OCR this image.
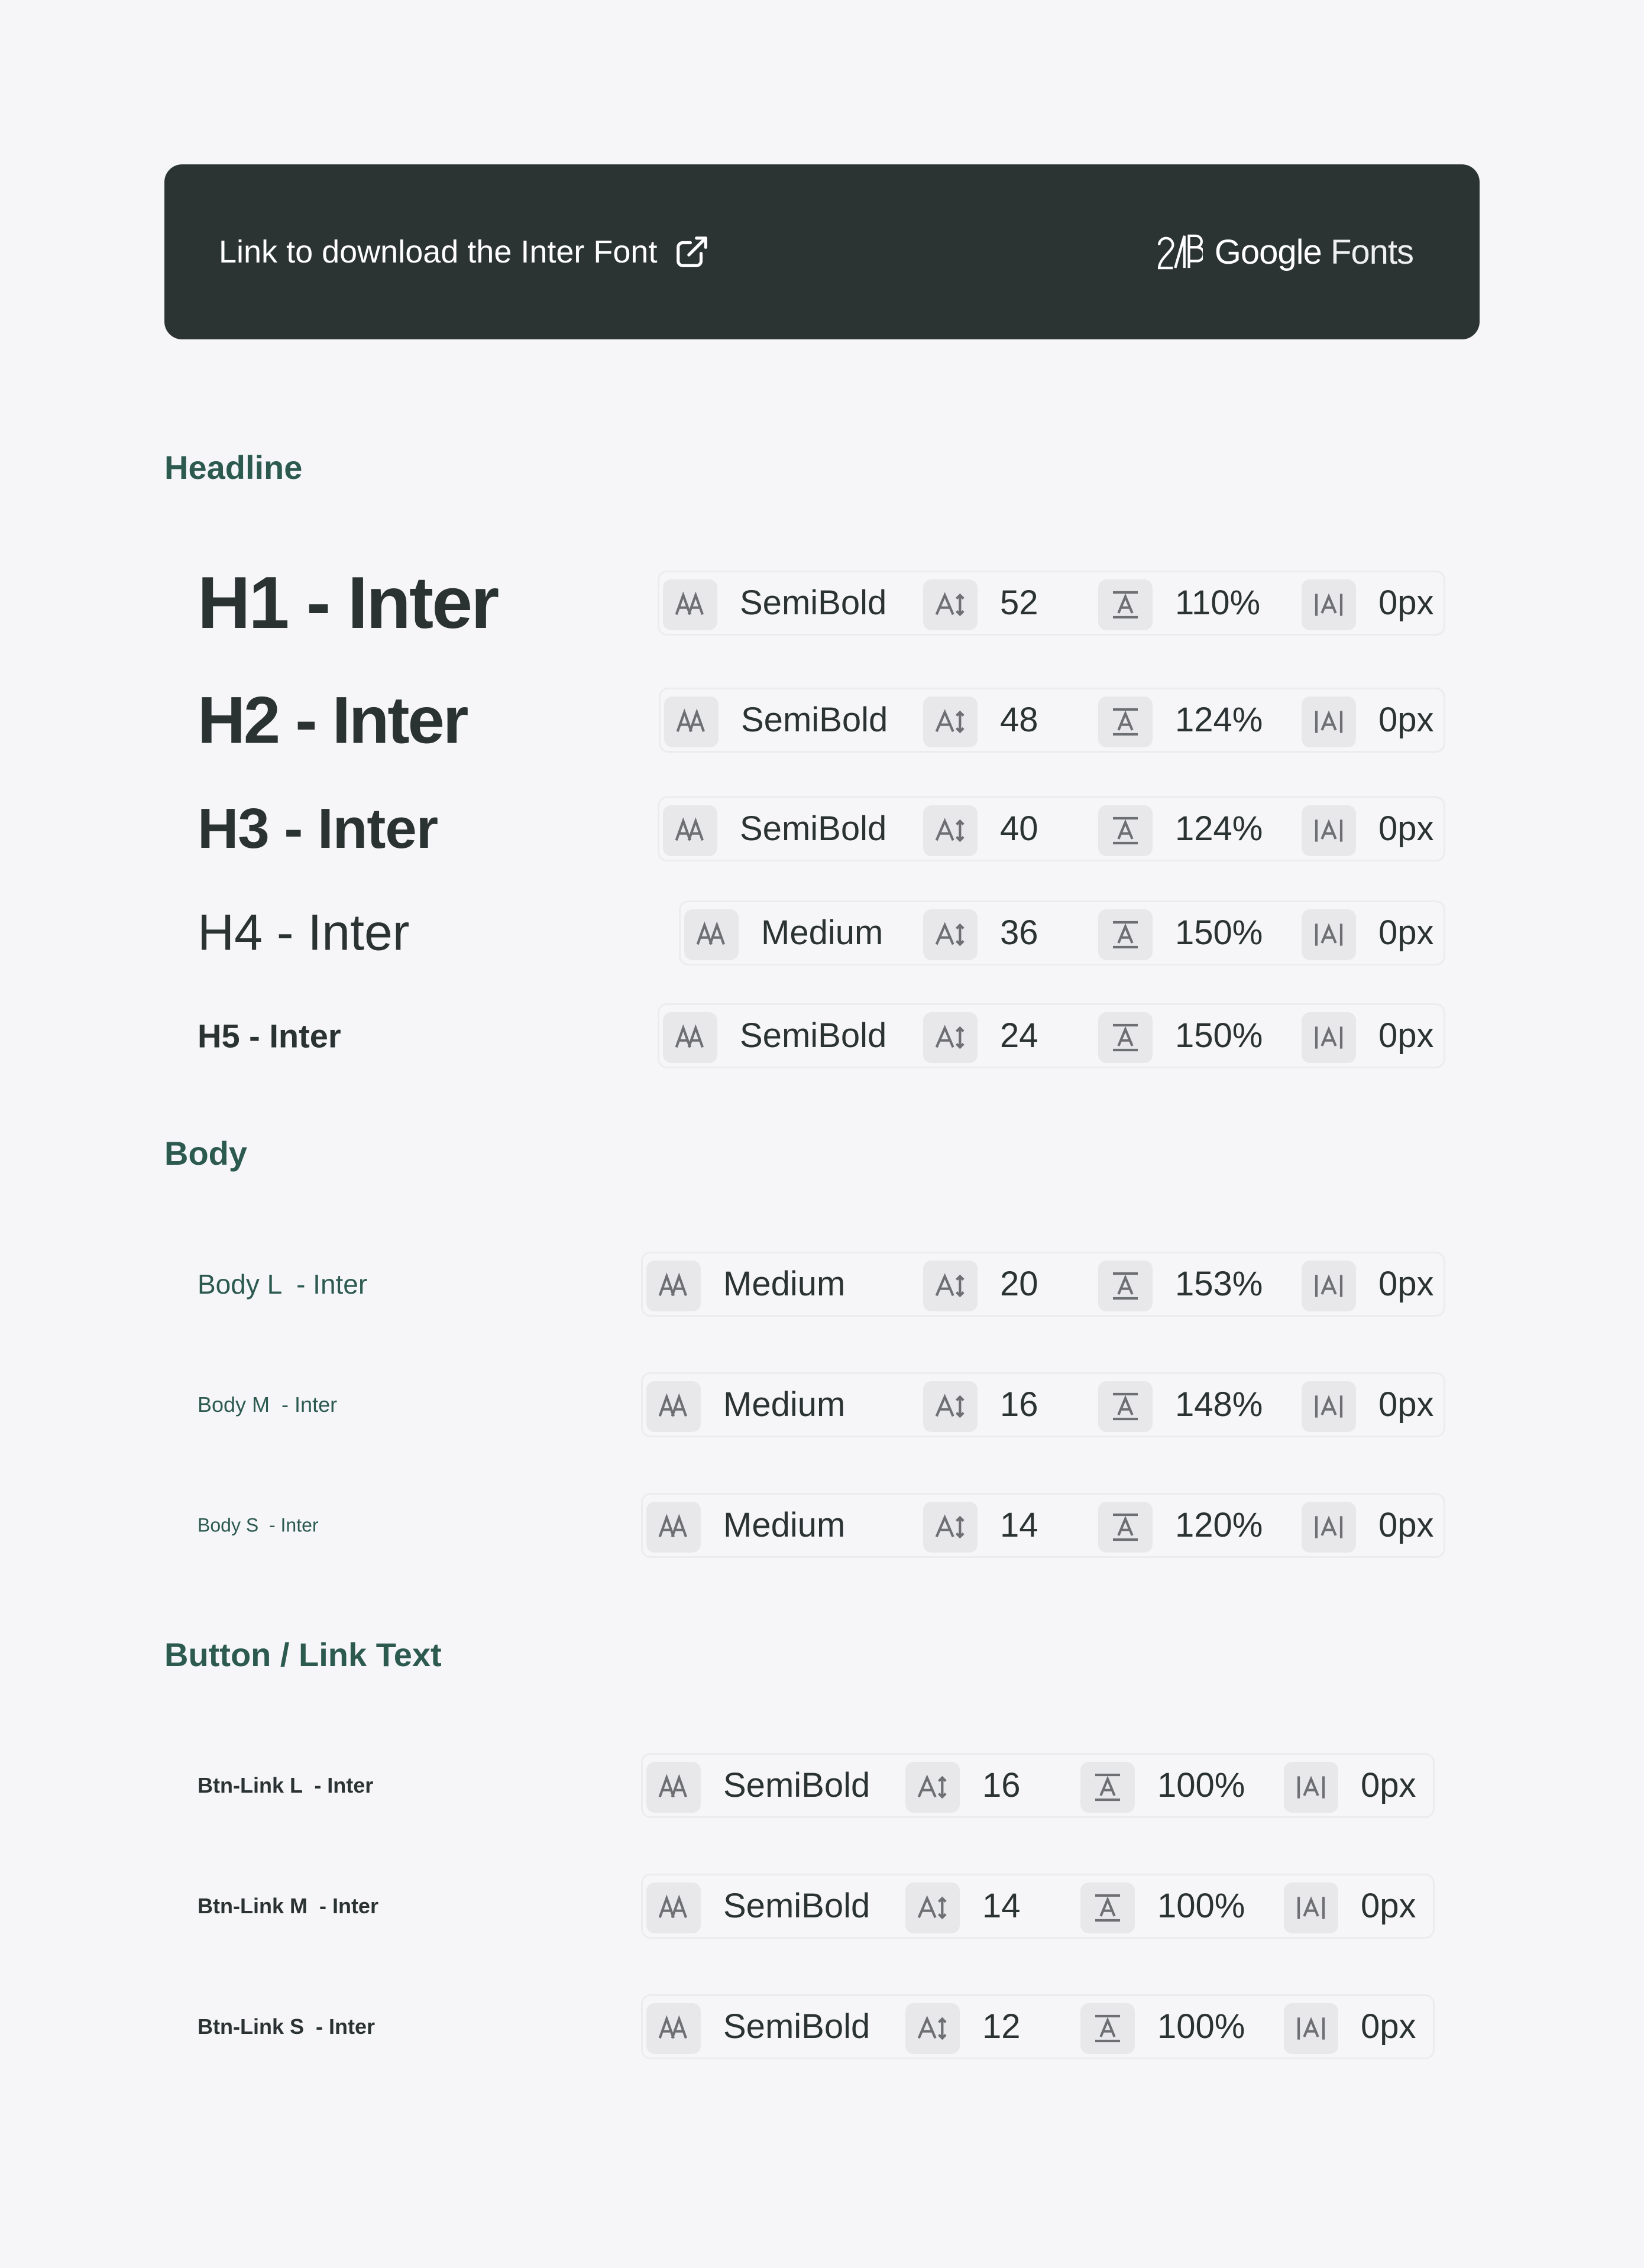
Link to download the Inter Font	Google Fonts
Headline
Body
Button / Link Text
H1 - Inter	SemiBold	52	110%	0px
H2 - Inter	SemiBold	48	124%	0px
H3 - Inter	SemiBold	40	124%	0px
H4 - Inter	Medium	36	150%	0px
H5 - Inter	SemiBold	24	150%	0px
Body L  - Inter	Medium	20	153%	0px
Body M  - Inter	Medium	16	148%	0px
Body S  - Inter	Medium	14	120%	0px
Btn-Link L  - Inter	SemiBold	16	100%	0px
Btn-Link M  - Inter	SemiBold	14	100%	0px
Btn-Link S  - Inter	SemiBold	12	100%	0px
